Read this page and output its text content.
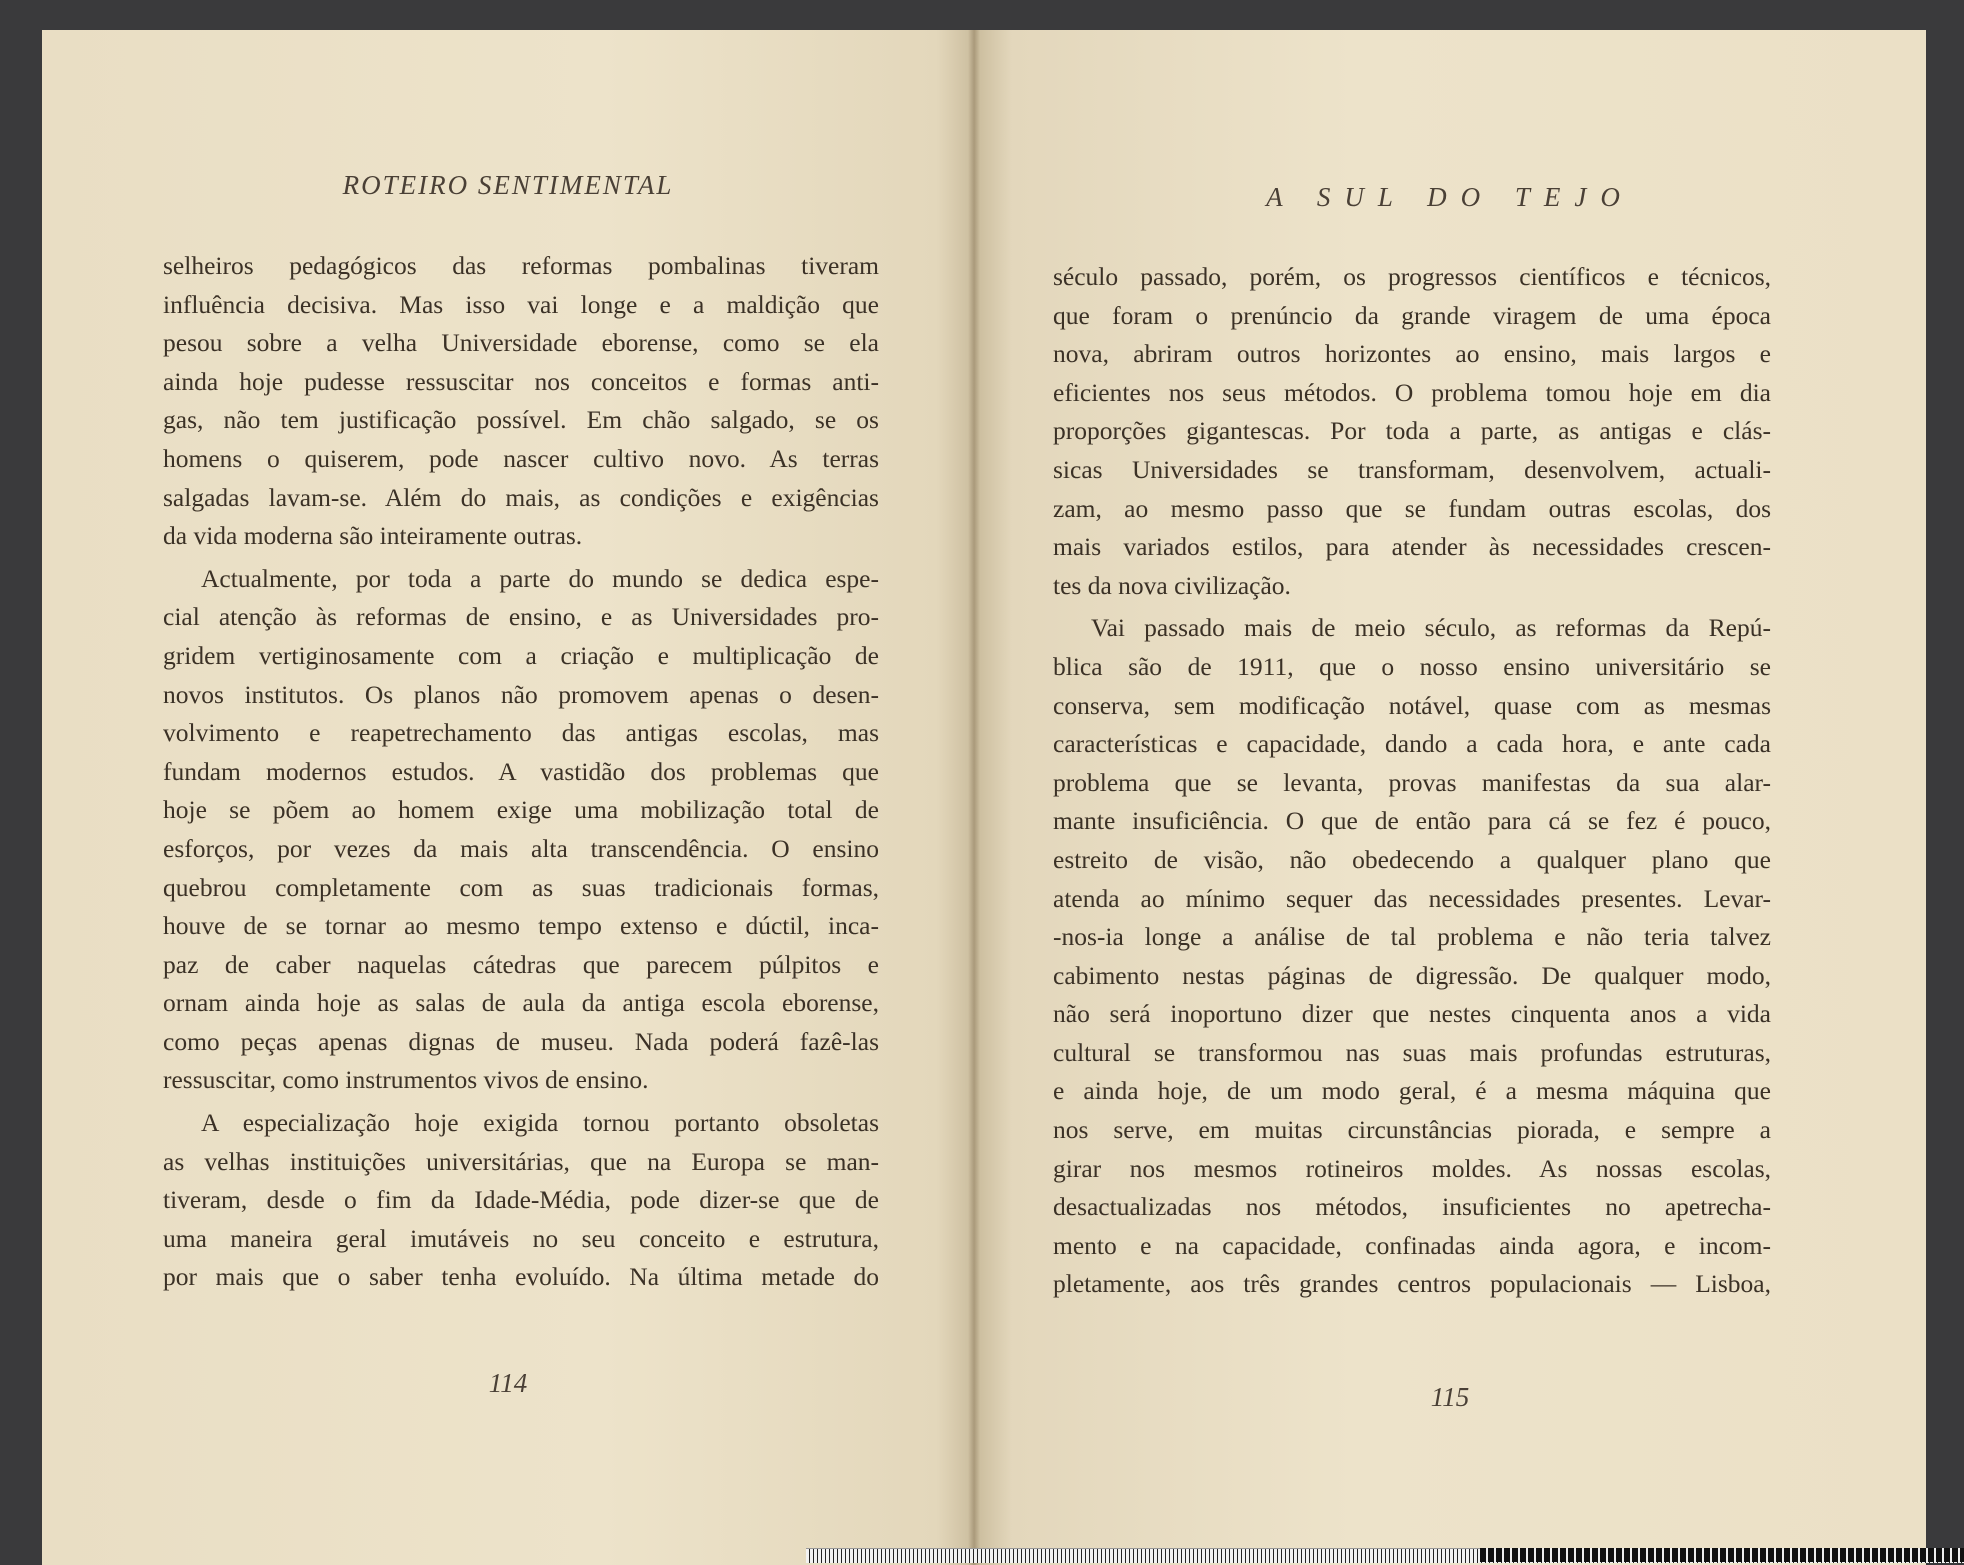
ROTEIRO SENTIMENTAL
selheiros pedagógicos das reformas pombalinas tiveram
influência decisiva. Mas isso vai longe e a maldição que
pesou sobre a velha Universidade eborense, como se ela
ainda hoje pudesse ressuscitar nos conceitos e formas anti-
gas, não tem justificação possível. Em chão salgado, se os
homens o quiserem, pode nascer cultivo novo. As terras
salgadas lavam-se. Além do mais, as condições e exigências
da vida moderna são inteiramente outras.
Actualmente, por toda a parte do mundo se dedica espe-
cial atenção às reformas de ensino, e as Universidades pro-
gridem vertiginosamente com a criação e multiplicação de
novos institutos. Os planos não promovem apenas o desen-
volvimento e reapetrechamento das antigas escolas, mas
fundam modernos estudos. A vastidão dos problemas que
hoje se põem ao homem exige uma mobilização total de
esforços, por vezes da mais alta transcendência. O ensino
quebrou completamente com as suas tradicionais formas,
houve de se tornar ao mesmo tempo extenso e dúctil, inca-
paz de caber naquelas cátedras que parecem púlpitos e
ornam ainda hoje as salas de aula da antiga escola eborense,
como peças apenas dignas de museu. Nada poderá fazê-las
ressuscitar, como instrumentos vivos de ensino.
A especialização hoje exigida tornou portanto obsoletas
as velhas instituições universitárias, que na Europa se man-
tiveram, desde o fim da Idade-Média, pode dizer-se que de
uma maneira geral imutáveis no seu conceito e estrutura,
por mais que o saber tenha evoluído. Na última metade do
114
A SUL DO TEJO
século passado, porém, os progressos científicos e técnicos,
que foram o prenúncio da grande viragem de uma época
nova, abriram outros horizontes ao ensino, mais largos e
eficientes nos seus métodos. O problema tomou hoje em dia
proporções gigantescas. Por toda a parte, as antigas e clás-
sicas Universidades se transformam, desenvolvem, actuali-
zam, ao mesmo passo que se fundam outras escolas, dos
mais variados estilos, para atender às necessidades crescen-
tes da nova civilização.
Vai passado mais de meio século, as reformas da Repú-
blica são de 1911, que o nosso ensino universitário se
conserva, sem modificação notável, quase com as mesmas
características e capacidade, dando a cada hora, e ante cada
problema que se levanta, provas manifestas da sua alar-
mante insuficiência. O que de então para cá se fez é pouco,
estreito de visão, não obedecendo a qualquer plano que
atenda ao mínimo sequer das necessidades presentes. Levar-
-nos-ia longe a análise de tal problema e não teria talvez
cabimento nestas páginas de digressão. De qualquer modo,
não será inoportuno dizer que nestes cinquenta anos a vida
cultural se transformou nas suas mais profundas estruturas,
e ainda hoje, de um modo geral, é a mesma máquina que
nos serve, em muitas circunstâncias piorada, e sempre a
girar nos mesmos rotineiros moldes. As nossas escolas,
desactualizadas nos métodos, insuficientes no apetrecha-
mento e na capacidade, confinadas ainda agora, e incom-
pletamente, aos três grandes centros populacionais — Lisboa,
115
